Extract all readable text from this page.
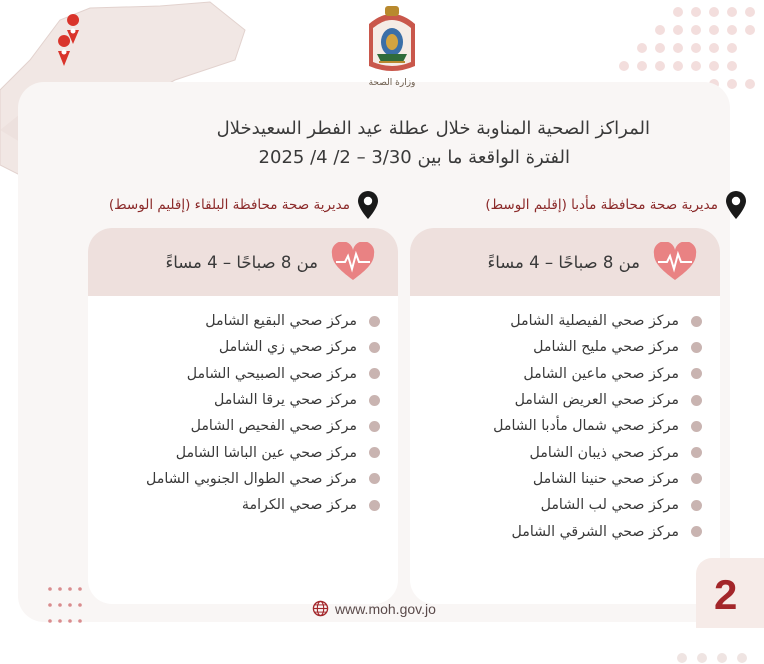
وزارة الصحة
المراكز الصحية المناوبة خلال عطلة عيد الفطر السعيدخلال
الفترة الواقعة ما بين 3/30 – 2/ 4/ 2025
مديرية صحة محافظة مأدبا (إقليم الوسط)
مديرية صحة محافظة البلقاء (إقليم الوسط)
من 8 صباحًا – 4 مساءً
مركز صحي الفيصلية الشامل
مركز صحي مليح الشامل
مركز صحي ماعين الشامل
مركز صحي العريض الشامل
مركز صحي شمال مأدبا الشامل
مركز صحي ذيبان الشامل
مركز صحي حنينا الشامل
مركز صحي لب الشامل
مركز صحي الشرقي الشامل
من 8 صباحًا – 4 مساءً
مركز صحي البقيع الشامل
مركز صحي زي الشامل
مركز صحي الصبيحي الشامل
مركز صحي يرقا الشامل
مركز صحي الفحيص الشامل
مركز صحي عين الباشا الشامل
مركز صحي الطوال الجنوبي الشامل
مركز صحي الكرامة
www.moh.gov.jo	2
